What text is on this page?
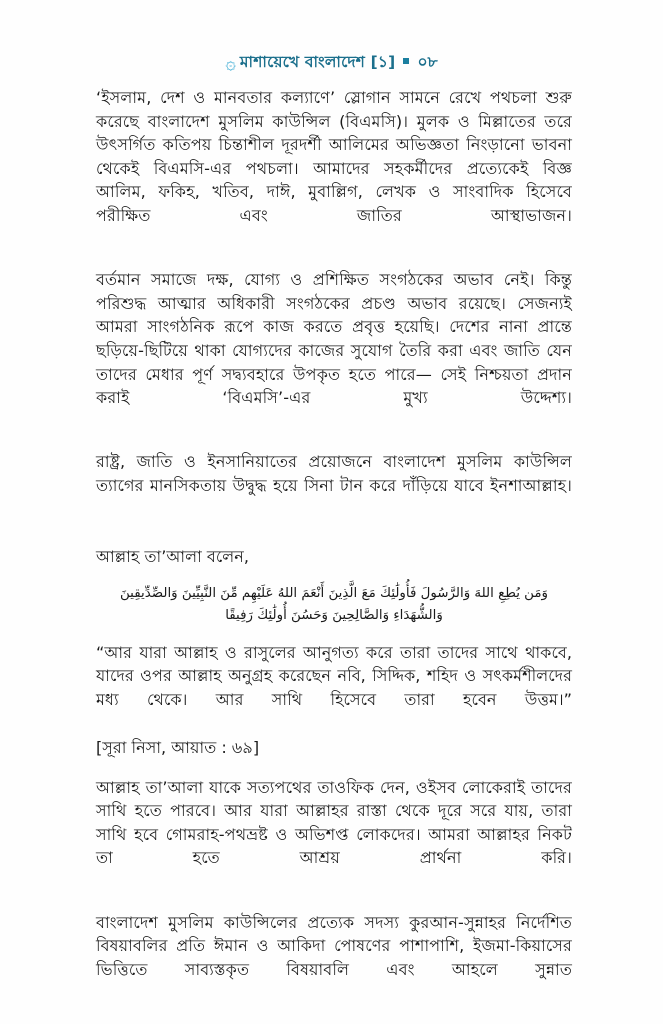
۞ মাশায়েখে বাংলাদেশ [১] ০৮

‘ইসলাম, দেশ ও মানবতার কল্যাণে’ স্লোগান সামনে রেখে পথচলা শুরু করেছে বাংলাদেশ মুসলিম কাউন্সিল (বিএমসি)। মুলক ও মিল্লাতের তরে উৎসর্গিত কতিপয় চিন্তাশীল দূরদর্শী আলিমের অভিজ্ঞতা নিংড়ানো ভাবনা থেকেই বিএমসি-এর পথচলা। আমাদের সহকর্মীদের প্রত্যেকেই বিজ্ঞ আলিম, ফকিহ, খতিব, দাঈ, মুবাল্লিগ, লেখক ও সাংবাদিক হিসেবে পরীক্ষিত এবং জাতির আস্থাভাজন।

বর্তমান সমাজে দক্ষ, যোগ্য ও প্রশিক্ষিত সংগঠকের অভাব নেই। কিন্তু পরিশুদ্ধ আত্মার অধিকারী সংগঠকের প্রচণ্ড অভাব রয়েছে। সেজন্যই আমরা সাংগঠনিক রূপে কাজ করতে প্রবৃত্ত হয়েছি। দেশের নানা প্রান্তে ছড়িয়ে-ছিটিয়ে থাকা যোগ্যদের কাজের সুযোগ তৈরি করা এবং জাতি যেন তাদের মেধার পূর্ণ সদ্ব্যবহারে উপকৃত হতে পারে— সেই নিশ্চয়তা প্রদান করাই ‘বিএমসি’-এর মুখ্য উদ্দেশ্য।

রাষ্ট্র, জাতি ও ইনসানিয়াতের প্রয়োজনে বাংলাদেশ মুসলিম কাউন্সিল ত্যাগের মানসিকতায় উদ্বুদ্ধ হয়ে সিনা টান করে দাঁড়িয়ে যাবে ইনশাআল্লাহ।

আল্লাহ তা’আলা বলেন,

وَمَن يُطِعِ اللهَ وَالرَّسُولَ فَأُولَٰئِكَ مَعَ الَّذِينَ أَنْعَمَ اللهُ عَلَيْهِم مِّنَ النَّبِيِّينَ وَالصِّدِّيقِينَ
وَالشُّهَدَاءِ وَالصَّالِحِينَ وَحَسُنَ أُولَٰئِكَ رَفِيقًا

“আর যারা আল্লাহ ও রাসুলের আনুগত্য করে তারা তাদের সাথে থাকবে, যাদের ওপর আল্লাহ অনুগ্রহ করেছেন নবি, সিদ্দিক, শহিদ ও সৎকর্মশীলদের মধ্য থেকে। আর সাথি হিসেবে তারা হবেন উত্তম।”

[সূরা নিসা, আয়াত : ৬৯]

আল্লাহ তা’আলা যাকে সত্যপথের তাওফিক দেন, ওইসব লোকেরাই তাদের সাথি হতে পারবে। আর যারা আল্লাহর রাস্তা থেকে দূরে সরে যায়, তারা সাথি হবে গোমরাহ-পথভ্রষ্ট ও অভিশপ্ত লোকদের। আমরা আল্লাহর নিকট তা হতে আশ্রয় প্রার্থনা করি।

বাংলাদেশ মুসলিম কাউন্সিলের প্রত্যেক সদস্য কুরআন-সুন্নাহর নির্দেশিত বিষয়াবলির প্রতি ঈমান ও আকিদা পোষণের পাশাপাশি, ইজমা-কিয়াসের ভিত্তিতে সাব্যস্তকৃত বিষয়াবলি এবং আহলে সুন্নাত
